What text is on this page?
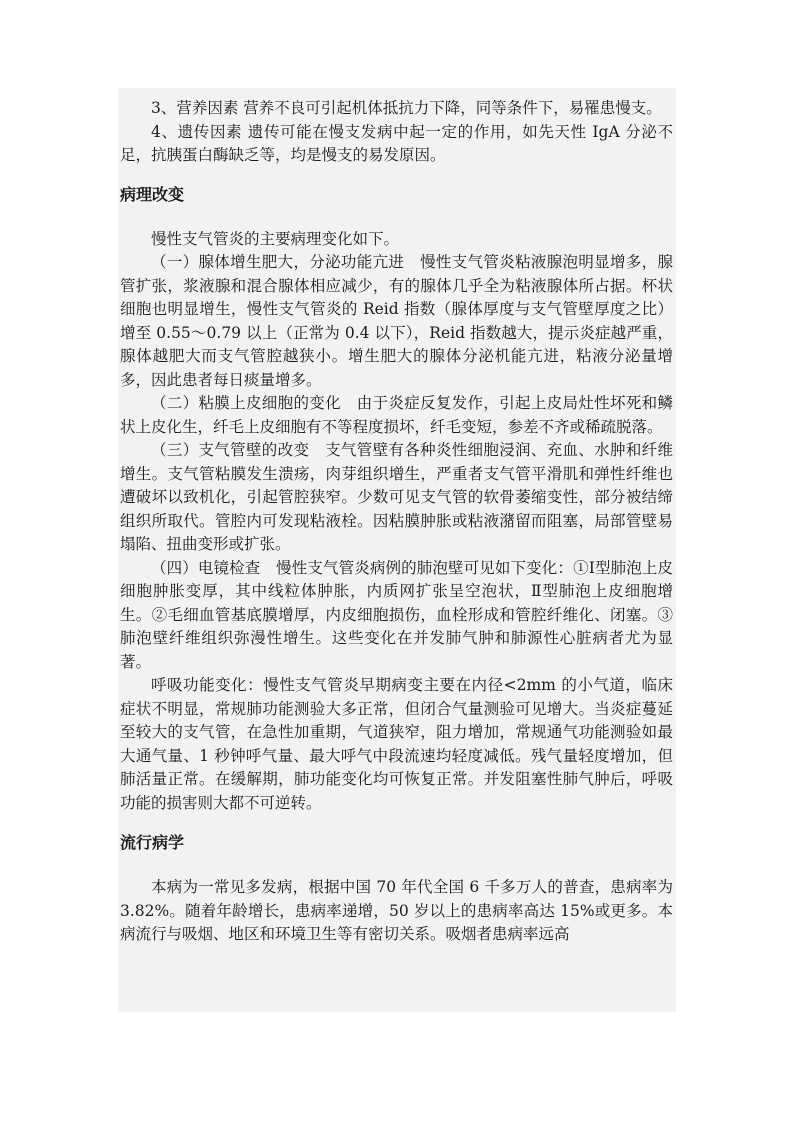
3、营养因素 营养不良可引起机体抵抗力下降，同等条件下，易罹患慢支。

4、遗传因素 遗传可能在慢支发病中起一定的作用，如先天性 IgA 分泌不足，抗胰蛋白酶缺乏等，均是慢支的易发原因。

病理改变

慢性支气管炎的主要病理变化如下。

（一）腺体增生肥大，分泌功能亢进　慢性支气管炎粘液腺泡明显增多，腺管扩张，浆液腺和混合腺体相应减少，有的腺体几乎全为粘液腺体所占据。杯状细胞也明显增生，慢性支气管炎的 Reid 指数（腺体厚度与支气管壁厚度之比）增至 0.55～0.79 以上（正常为 0.4 以下），Reid 指数越大，提示炎症越严重，腺体越肥大而支气管腔越狭小。增生肥大的腺体分泌机能亢进，粘液分泌量增多，因此患者每日痰量增多。

（二）粘膜上皮细胞的变化　由于炎症反复发作，引起上皮局灶性坏死和鳞状上皮化生，纤毛上皮细胞有不等程度损坏，纤毛变短，参差不齐或稀疏脱落。

（三）支气管壁的改变　支气管壁有各种炎性细胞浸润、充血、水肿和纤维增生。支气管粘膜发生溃疡，肉芽组织增生，严重者支气管平滑肌和弹性纤维也遭破坏以致机化，引起管腔狭窄。少数可见支气管的软骨萎缩变性，部分被结缔组织所取代。管腔内可发现粘液栓。因粘膜肿胀或粘液潴留而阻塞，局部管壁易塌陷、扭曲变形或扩张。

（四）电镜检查　慢性支气管炎病例的肺泡壁可见如下变化：①Ⅰ型肺泡上皮细胞肿胀变厚，其中线粒体肿胀，内质网扩张呈空泡状，Ⅱ型肺泡上皮细胞增生。②毛细血管基底膜增厚，内皮细胞损伤，血栓形成和管腔纤维化、闭塞。③肺泡壁纤维组织弥漫性增生。这些变化在并发肺气肿和肺源性心脏病者尤为显著。

呼吸功能变化：慢性支气管炎早期病变主要在内径<2mm 的小气道，临床症状不明显，常规肺功能测验大多正常，但闭合气量测验可见增大。当炎症蔓延至较大的支气管，在急性加重期，气道狭窄，阻力增加，常规通气功能测验如最大通气量、1 秒钟呼气量、最大呼气中段流速均轻度减低。残气量轻度增加，但肺活量正常。在缓解期，肺功能变化均可恢复正常。并发阻塞性肺气肿后，呼吸功能的损害则大都不可逆转。

流行病学

本病为一常见多发病，根据中国 70 年代全国 6 千多万人的普查，患病率为 3.82%。随着年龄增长，患病率递增，50 岁以上的患病率高达 15%或更多。本病流行与吸烟、地区和环境卫生等有密切关系。吸烟者患病率远高
